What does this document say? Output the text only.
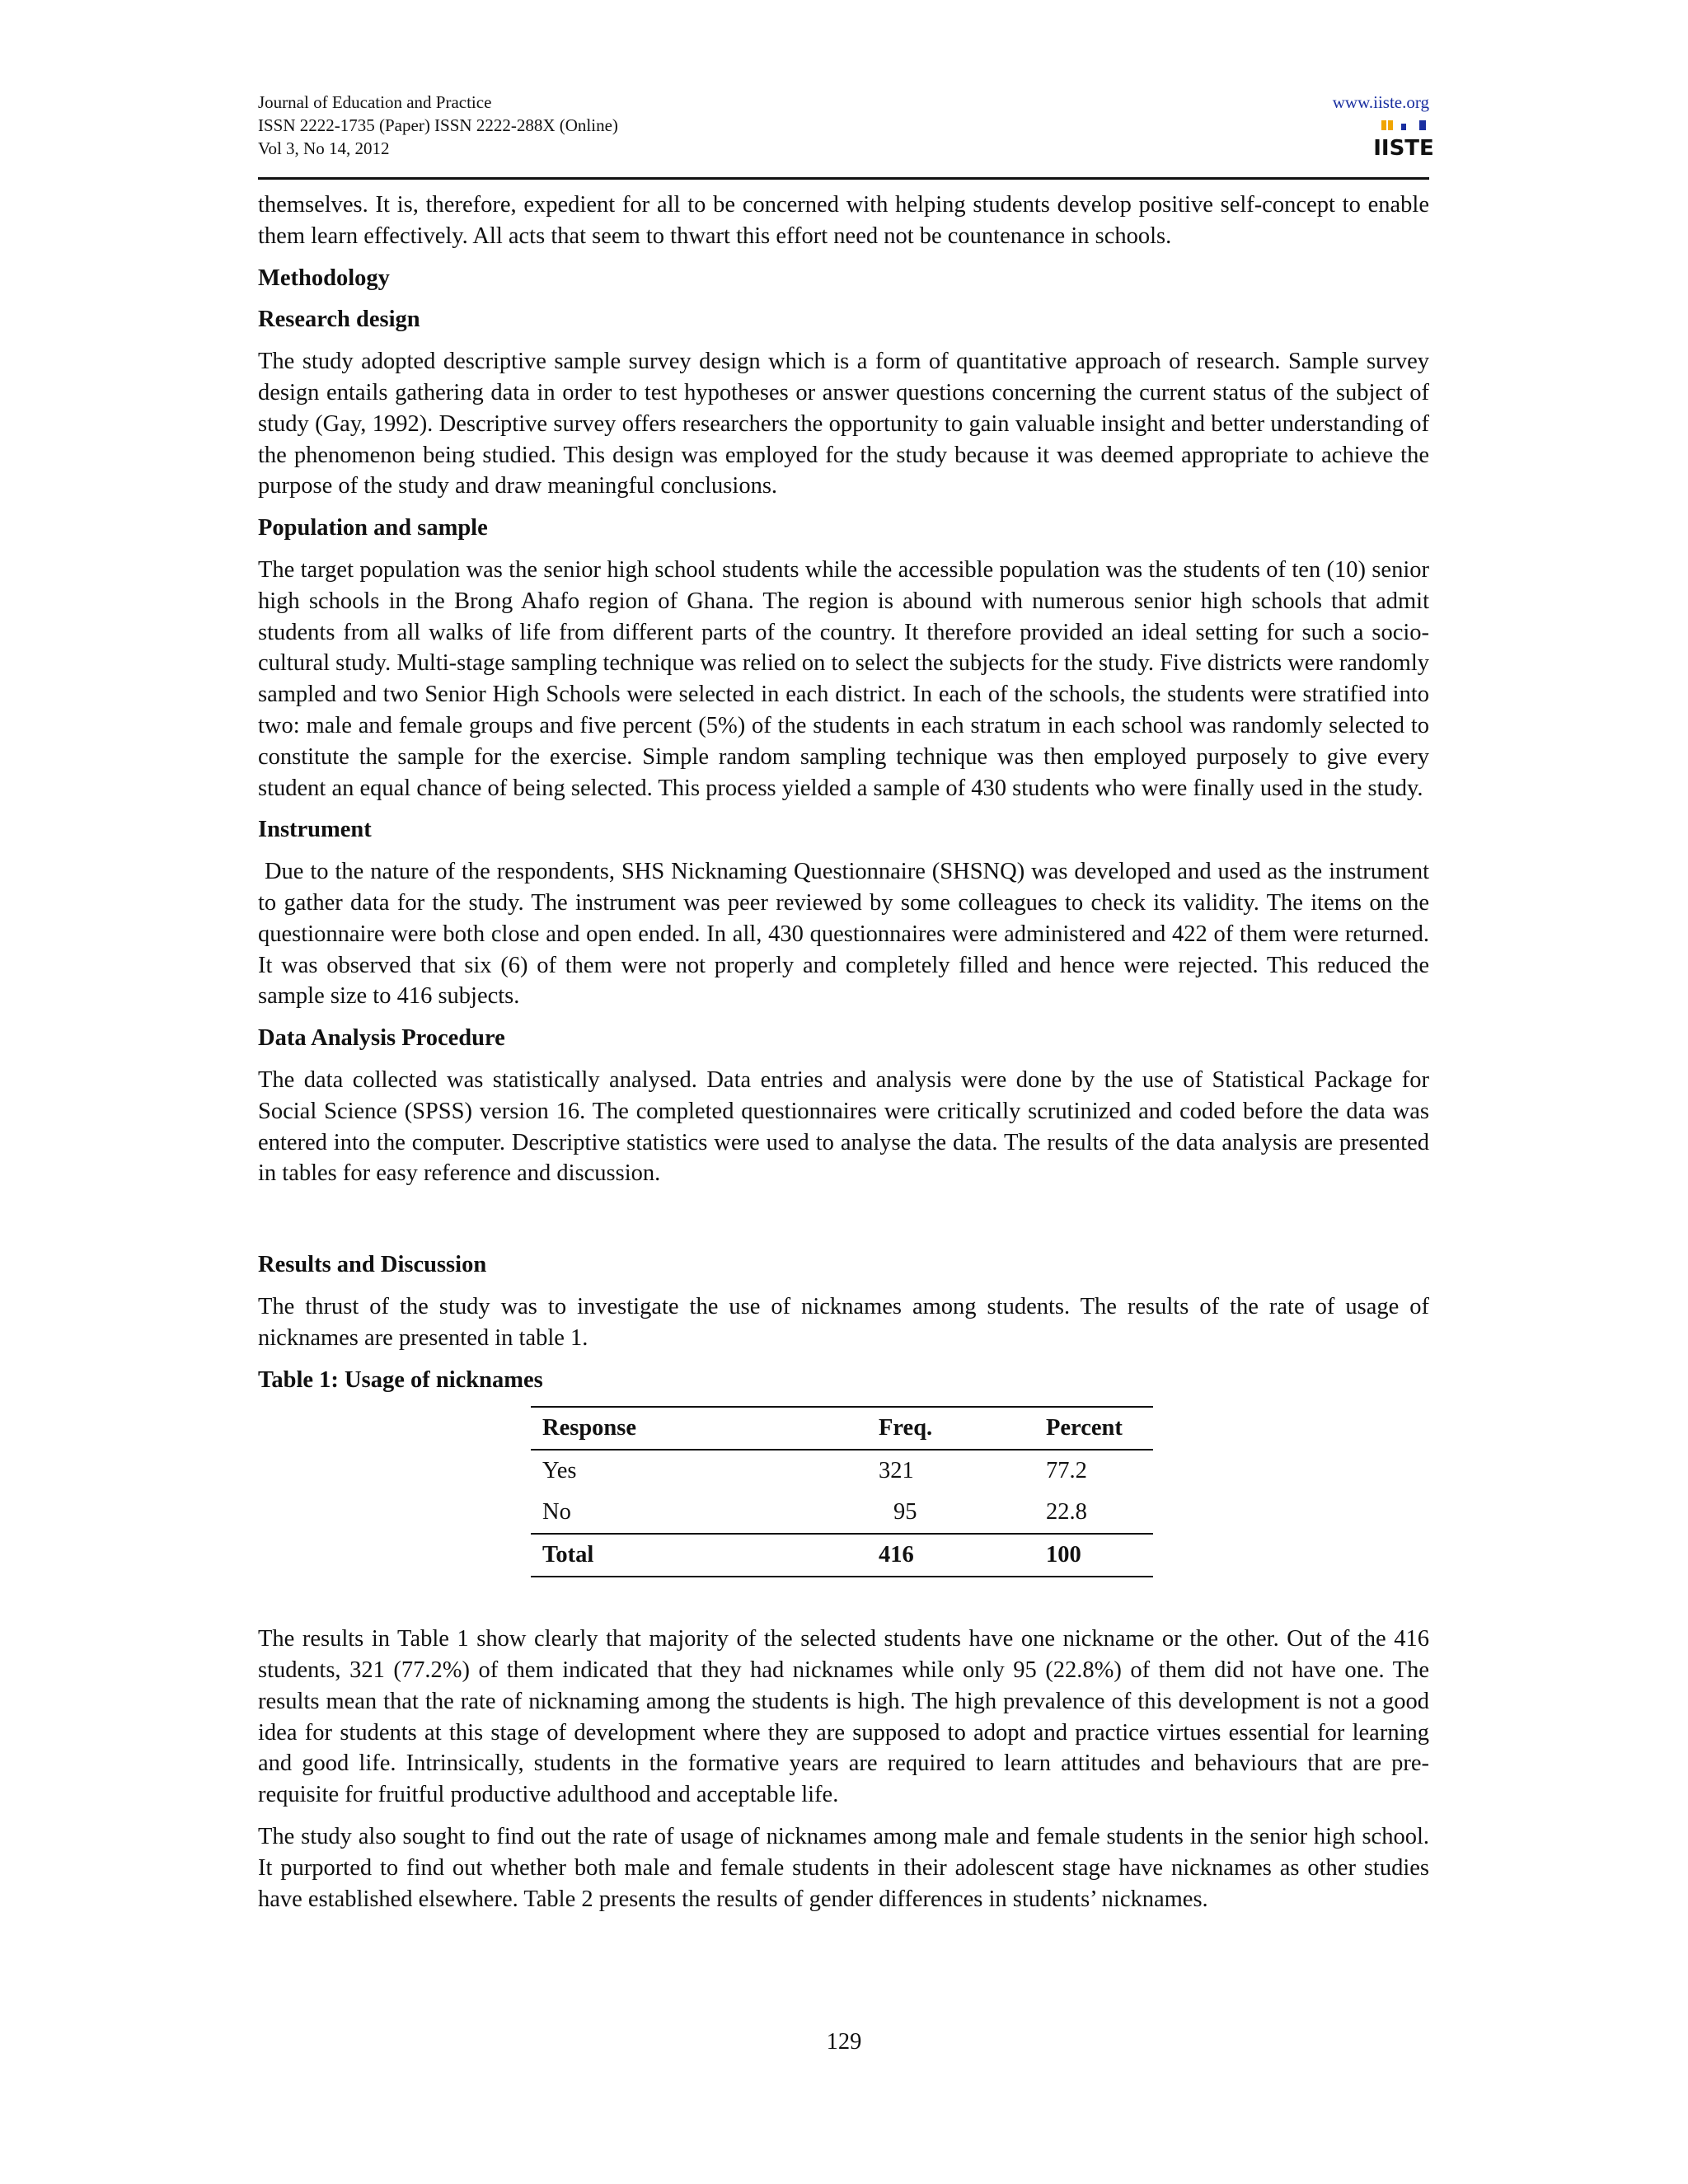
Journal of Education and Practice
ISSN 2222-1735 (Paper) ISSN 2222-288X (Online)
Vol 3, No 14, 2012
www.iiste.org
IISTE

themselves. It is, therefore, expedient for all to be concerned with helping students develop positive self-concept to enable them learn effectively. All acts that seem to thwart this effort need not be countenance in schools.

Methodology
Research design

The study adopted descriptive sample survey design which is a form of quantitative approach of research. Sample survey design entails gathering data in order to test hypotheses or answer questions concerning the current status of the subject of study (Gay, 1992). Descriptive survey offers researchers the opportunity to gain valuable insight and better understanding of the phenomenon being studied. This design was employed for the study because it was deemed appropriate to achieve the purpose of the study and draw meaningful conclusions.

Population and sample

The target population was the senior high school students while the accessible population was the students of ten (10) senior high schools in the Brong Ahafo region of Ghana. The region is abound with numerous senior high schools that admit students from all walks of life from different parts of the country. It therefore provided an ideal setting for such a socio-cultural study. Multi-stage sampling technique was relied on to select the subjects for the study. Five districts were randomly sampled and two Senior High Schools were selected in each district. In each of the schools, the students were stratified into two: male and female groups and five percent (5%) of the students in each stratum in each school was randomly selected to constitute the sample for the exercise. Simple random sampling technique was then employed purposely to give every student an equal chance of being selected. This process yielded a sample of 430 students who were finally used in the study.

Instrument

Due to the nature of the respondents, SHS Nicknaming Questionnaire (SHSNQ) was developed and used as the instrument to gather data for the study. The instrument was peer reviewed by some colleagues to check its validity. The items on the questionnaire were both close and open ended. In all, 430 questionnaires were administered and 422 of them were returned. It was observed that six (6) of them were not properly and completely filled and hence were rejected. This reduced the sample size to 416 subjects.

Data Analysis Procedure

The data collected was statistically analysed. Data entries and analysis were done by the use of Statistical Package for Social Science (SPSS) version 16. The completed questionnaires were critically scrutinized and coded before the data was entered into the computer. Descriptive statistics were used to analyse the data. The results of the data analysis are presented in tables for easy reference and discussion.

Results and Discussion

The thrust of the study was to investigate the use of nicknames among students. The results of the rate of usage of nicknames are presented in table 1.

Table 1: Usage of nicknames
Response	Freq.	Percent
Yes	321	77.2
No	95	22.8
Total	416	100

The results in Table 1 show clearly that majority of the selected students have one nickname or the other. Out of the 416 students, 321 (77.2%) of them indicated that they had nicknames while only 95 (22.8%) of them did not have one. The results mean that the rate of nicknaming among the students is high. The high prevalence of this development is not a good idea for students at this stage of development where they are supposed to adopt and practice virtues essential for learning and good life. Intrinsically, students in the formative years are required to learn attitudes and behaviours that are pre-requisite for fruitful productive adulthood and acceptable life.

The study also sought to find out the rate of usage of nicknames among male and female students in the senior high school. It purported to find out whether both male and female students in their adolescent stage have nicknames as other studies have established elsewhere. Table 2 presents the results of gender differences in students’ nicknames.

129
